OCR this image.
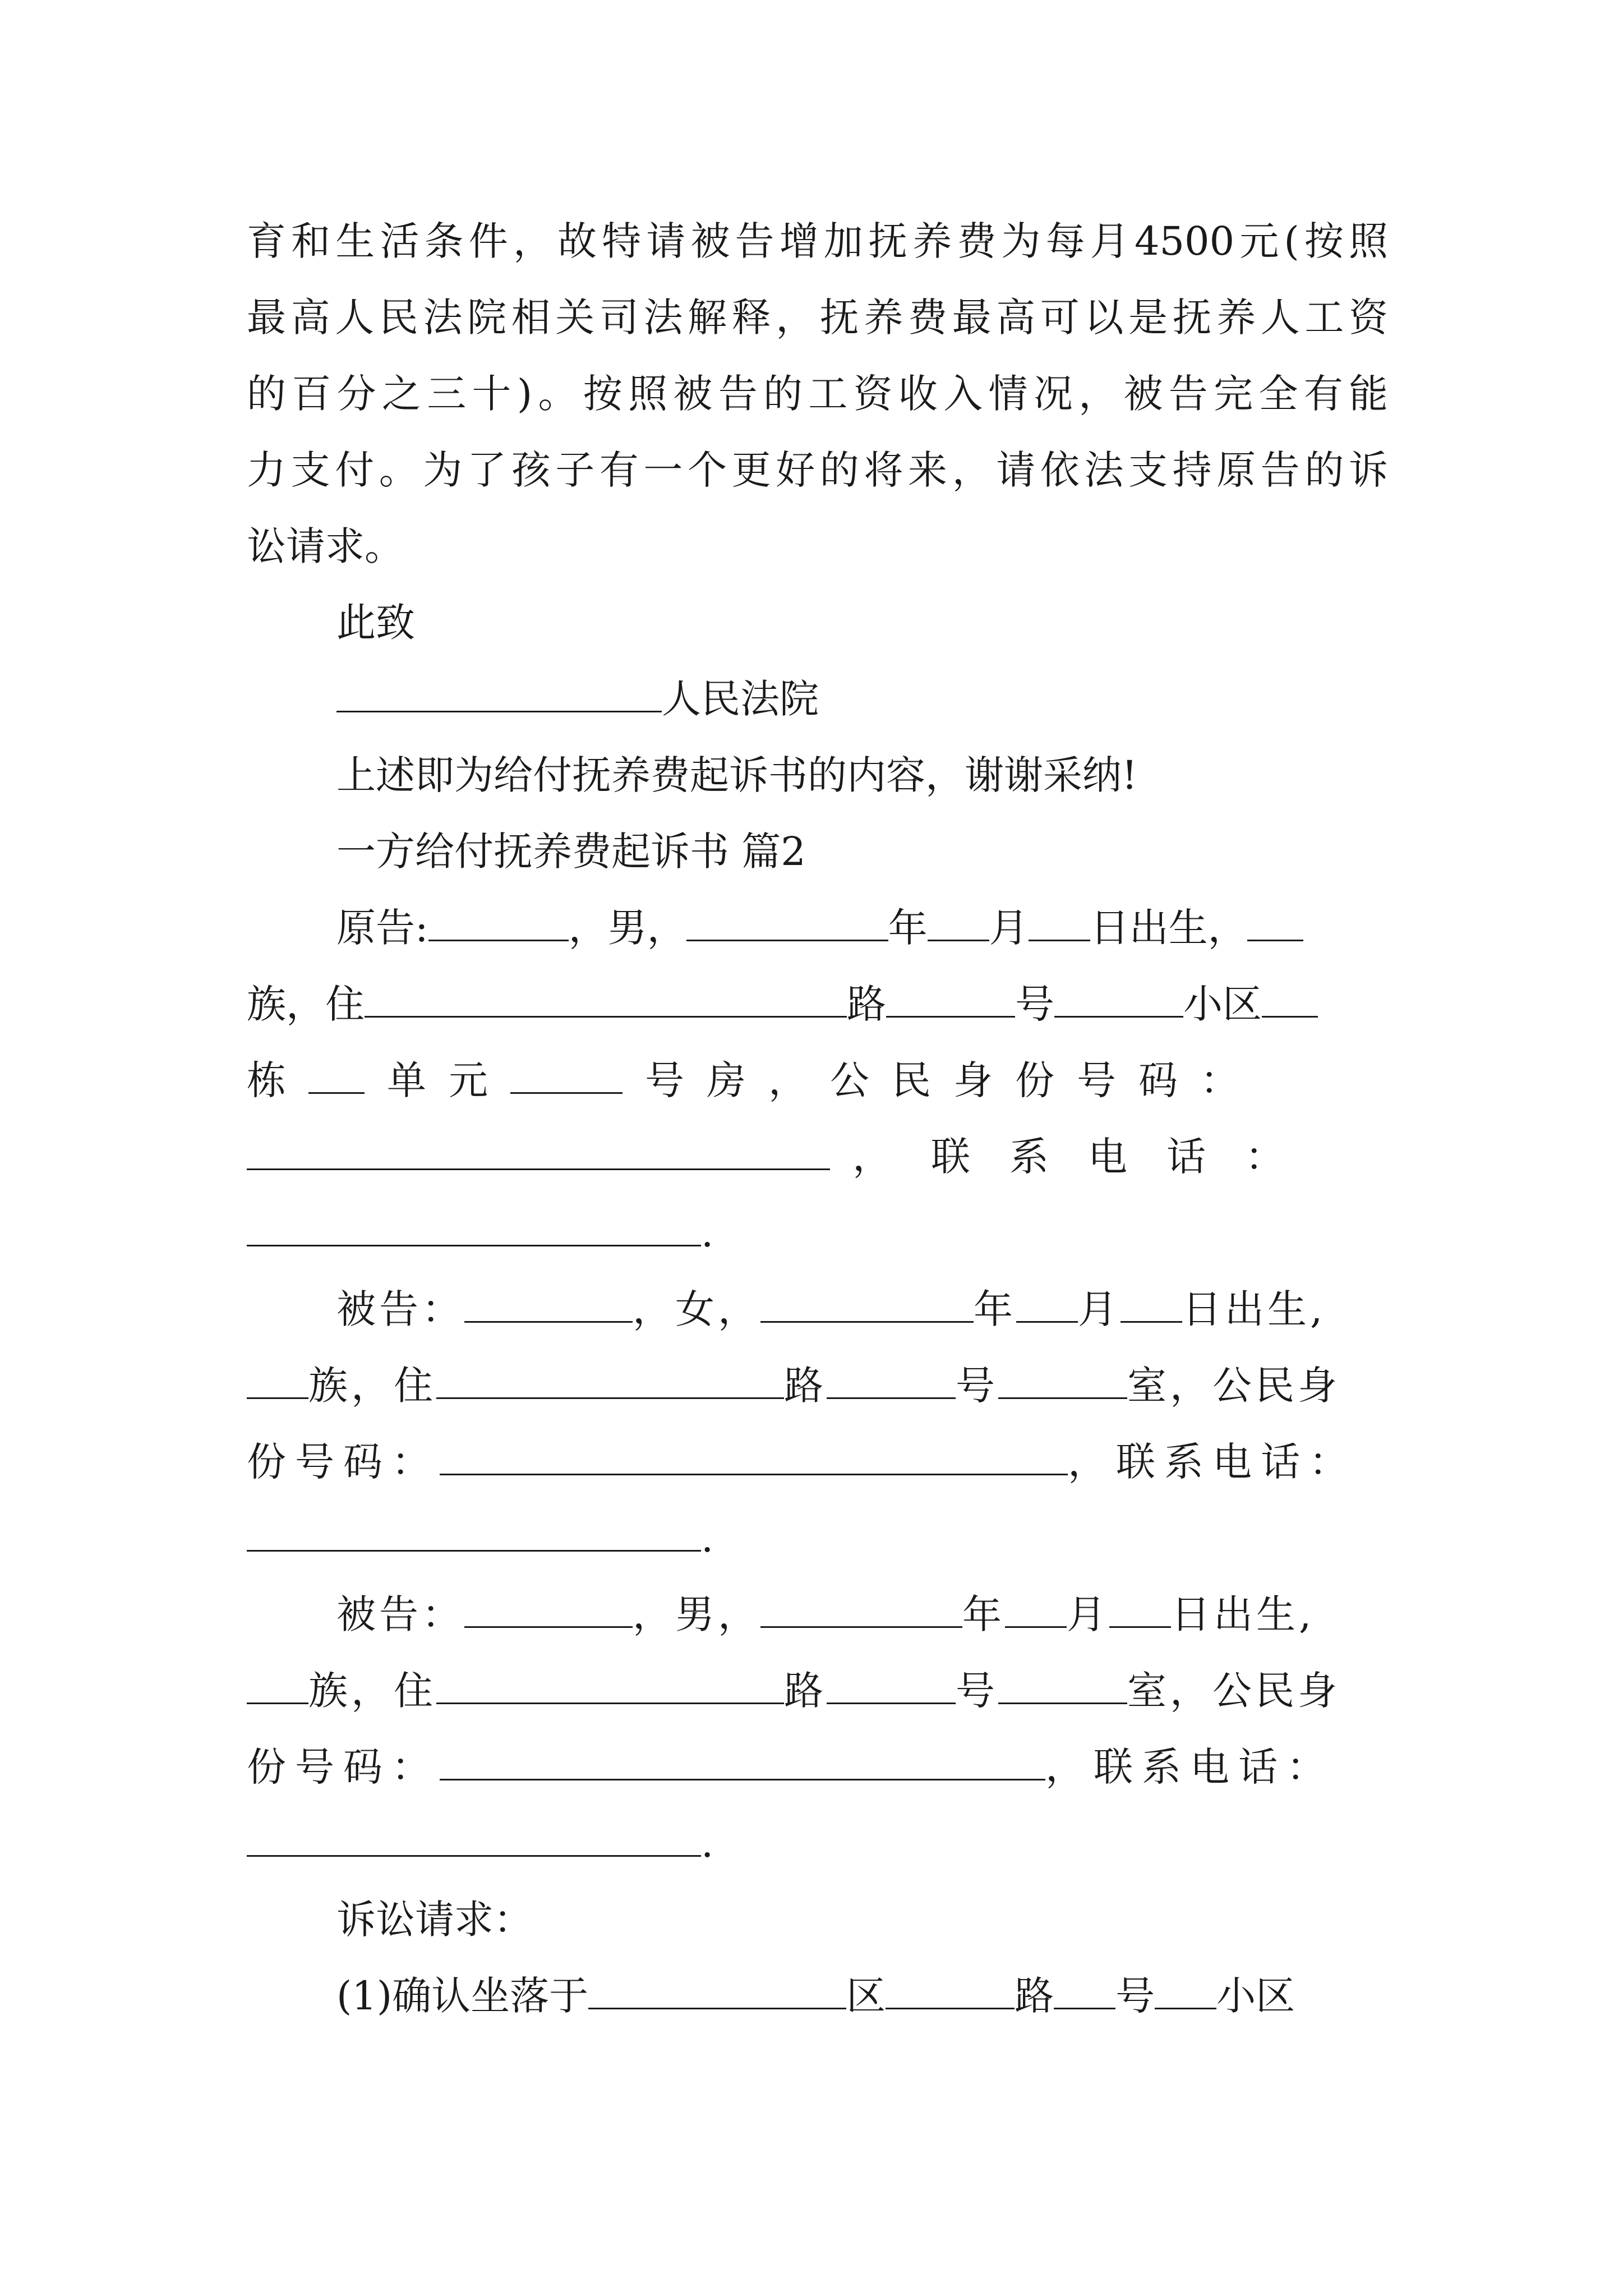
育和生活条件，故特请被告增加抚养费为每月4500元(按照
最高人民法院相关司法解释，抚养费最高可以是抚养人工资
的百分之三十)。按照被告的工资收入情况，被告完全有能
力支付。为了孩子有一个更好的将来，请依法支持原告的诉
讼请求。
此致
人民法院
上述即为给付抚养费起诉书的内容，谢谢采纳!
一方给付抚养费起诉书 篇2
原告:	，男，	年 月 日出生，
族，住	路	号	小区
栋 单元	号房，公民身份号码：
，联系电话：
.
被告：	，女，	年 月 日出生,
族，住	路	号	室，公民身
份号码：	，联系电话：
.
被告：	，男，	年 月 日出生,
族，住	路	号	室，公民身
份号码：	，联系电话：
.
诉讼请求：
(1)确认坐落于	区	路 号 小区
